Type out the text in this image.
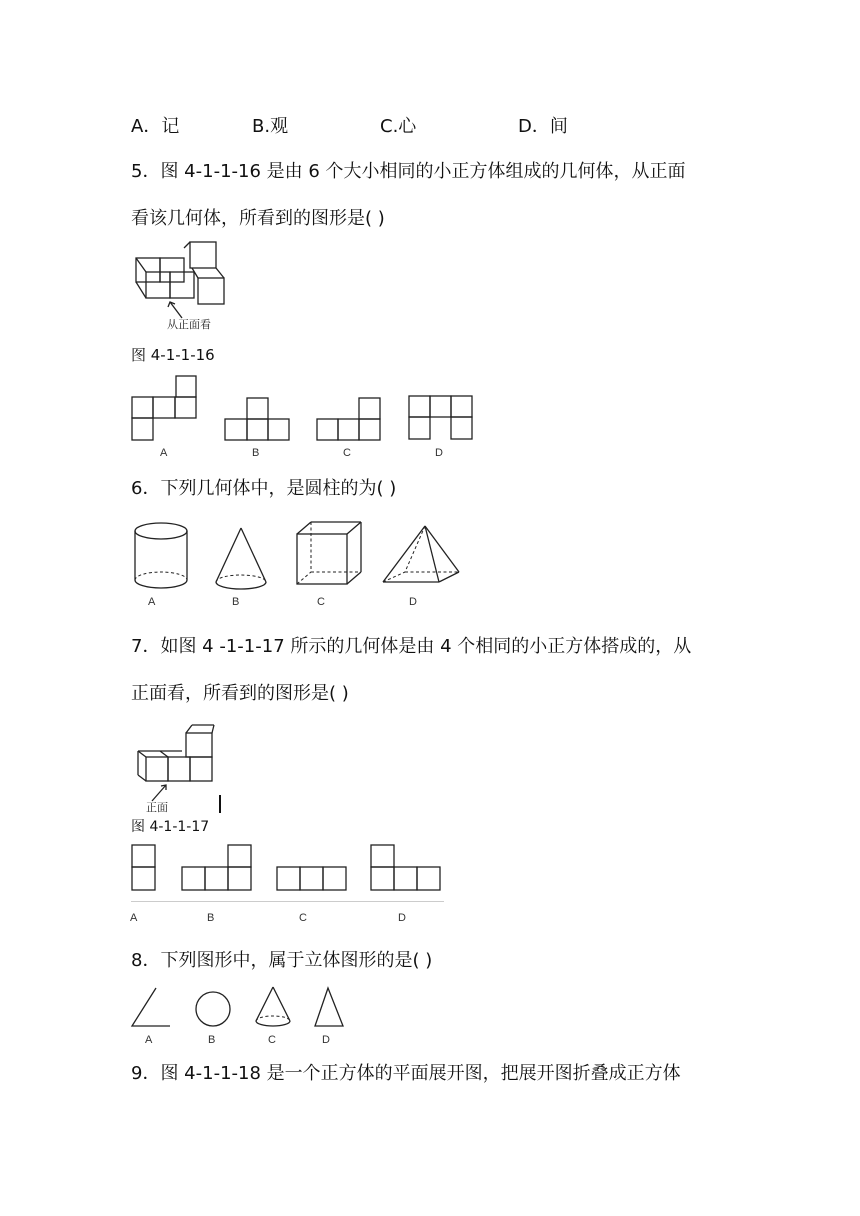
A．记	B.观	C.心	D．间
5．图 4-1-1-16 是由 6 个大小相同的小正方体组成的几何体，从正面
看该几何体，所看到的图形是( )
从正面看
图 4-1-1-16
A	B	C	D
6．下列几何体中，是圆柱的为( )
A	B	C	D
7．如图 4 -1-1-17 所示的几何体是由 4 个相同的小正方体搭成的，从
正面看，所看到的图形是( )
正面
图 4-1-1-17
A	B	C	D
8．下列图形中，属于立体图形的是( )
A	B	C	D
9．图 4-1-1-18 是一个正方体的平面展开图，把展开图折叠成正方体
